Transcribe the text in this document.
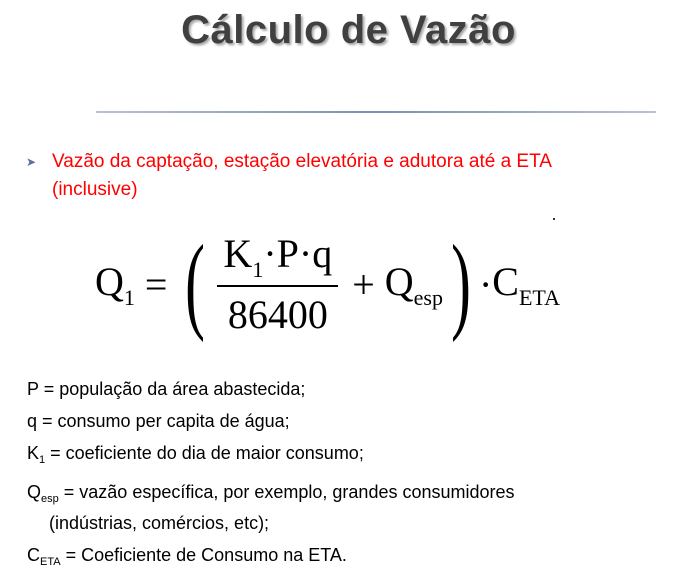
Cálculo de Vazão
➤ Vazão da captação, estação elevatória e adutora até a ETA (inclusive)
$Q_1$ = ( $\frac{K_1\cdot P\cdot q}{86400} + Q_{esp}$ ) · $C_{ETA}$
P = população da área abastecida;
q = consumo per capita de água;
$K_1$ = coeficiente do dia de maior consumo;
$Q_{esp}$ = vazão específica, por exemplo, grandes consumidores
(indústrias, comércios, etc);
$C_{ETA}$ = Coeficiente de Consumo na ETA.
